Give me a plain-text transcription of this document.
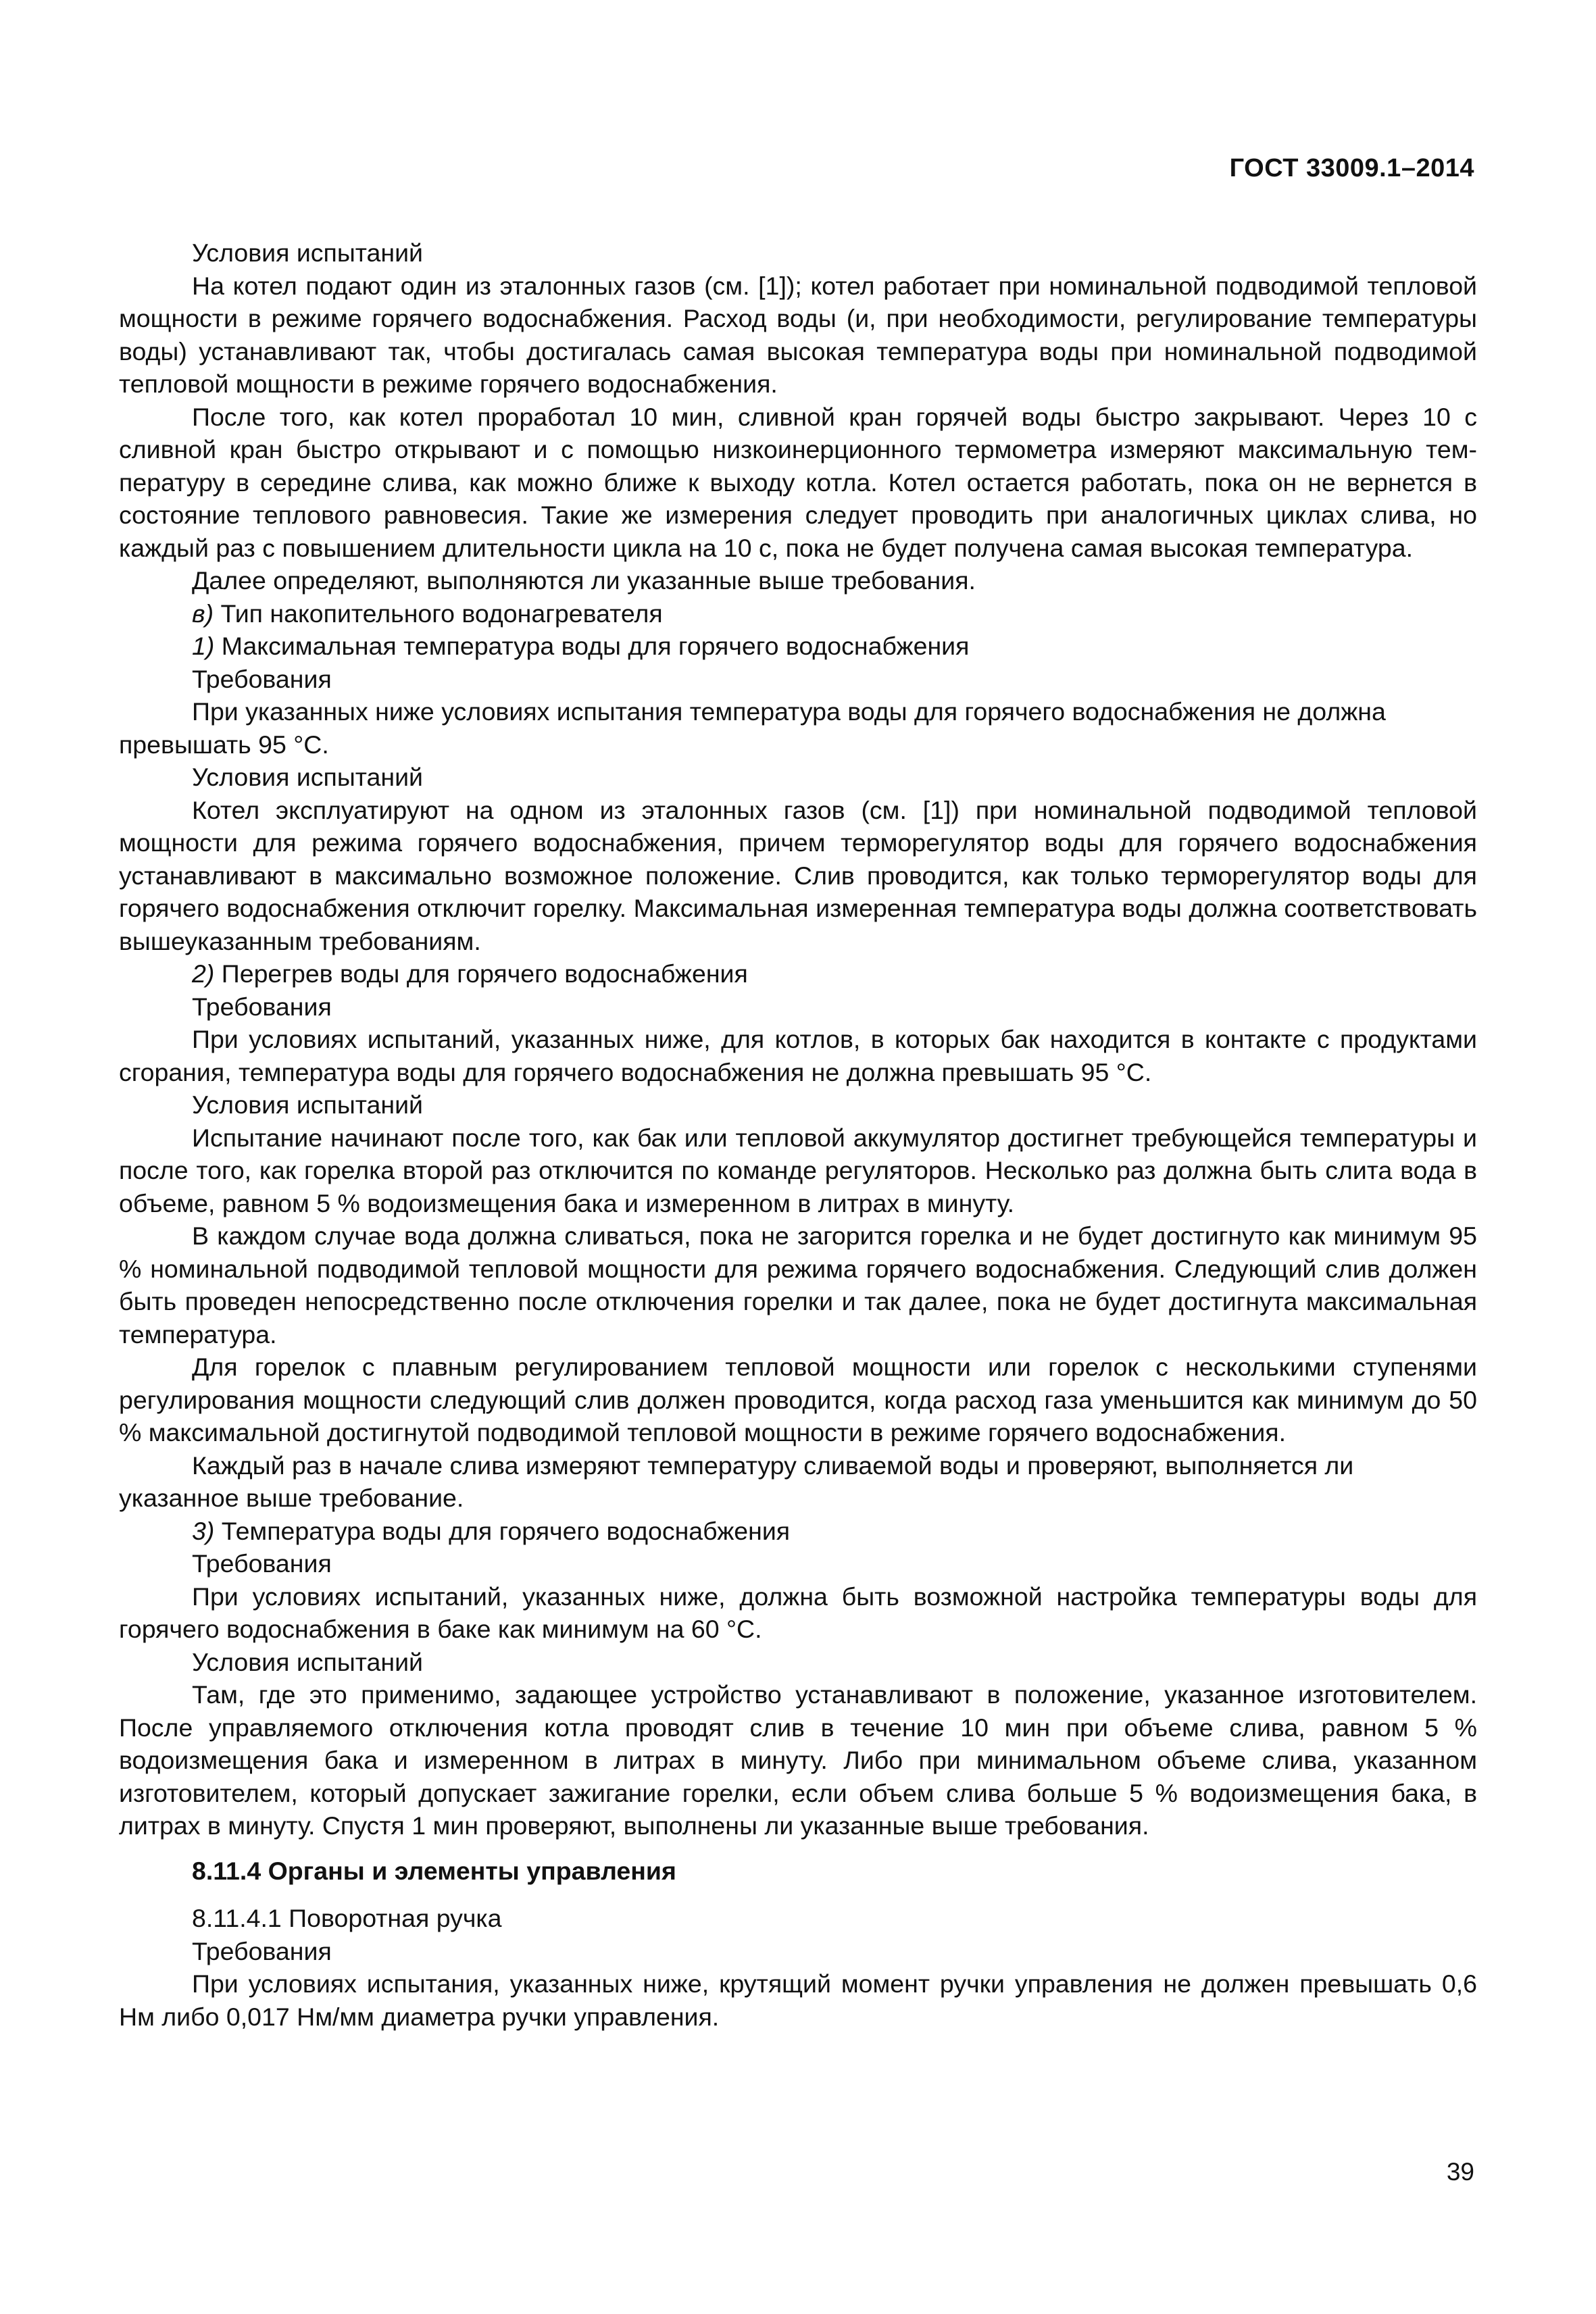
ГОСТ 33009.1–2014

Условия испытаний

На котел подают один из эталонных газов (см. [1]); котел работает при номинальной подводимой тепловой мощности в режиме горячего водоснабжения. Расход воды (и, при необходимости, регулирование температуры воды) устанавливают так, чтобы достигалась самая высокая температура воды при номинальной подводимой тепловой мощности в режиме горячего водоснабжения.

После того, как котел проработал 10 мин, сливной кран горячей воды быстро закрывают. Через 10 с сливной кран быстро открывают и с помощью низкоинерционного термометра измеряют максимальную температуру в середине слива, как можно ближе к выходу котла. Котел остается работать, пока он не вернется в состояние теплового равновесия. Такие же измерения следует проводить при аналогичных циклах слива, но каждый раз с повышением длительности цикла на 10 с, пока не будет получена самая высокая температура.

Далее определяют, выполняются ли указанные выше требования.

в) Тип накопительного водонагревателя

1) Максимальная температура воды для горячего водоснабжения

Требования

При указанных ниже условиях испытания температура воды для горячего водоснабжения не должна превышать 95 °С.

Условия испытаний

Котел эксплуатируют на одном из эталонных газов (см. [1]) при номинальной подводимой тепловой мощности для режима горячего водоснабжения, причем терморегулятор воды для горячего водоснабжения устанавливают в максимально возможное положение. Слив проводится, как только терморегулятор воды для горячего водоснабжения отключит горелку. Максимальная измеренная температура воды должна соответствовать вышеуказанным требованиям.

2) Перегрев воды для горячего водоснабжения

Требования

При условиях испытаний, указанных ниже, для котлов, в которых бак находится в контакте с продуктами сгорания, температура воды для горячего водоснабжения не должна превышать 95 °С.

Условия испытаний

Испытание начинают после того, как бак или тепловой аккумулятор достигнет требующейся температуры и после того, как горелка второй раз отключится по команде регуляторов. Несколько раз должна быть слита вода в объеме, равном 5 % водоизмещения бака и измеренном в литрах в минуту.

В каждом случае вода должна сливаться, пока не загорится горелка и не будет достигнуто как минимум 95 % номинальной подводимой тепловой мощности для режима горячего водоснабжения. Следующий слив должен быть проведен непосредственно после отключения горелки и так далее, пока не будет достигнута максимальная температура.

Для горелок с плавным регулированием тепловой мощности или горелок с несколькими ступенями регулирования мощности следующий слив должен проводится, когда расход газа уменьшится как минимум до 50 % максимальной достигнутой подводимой тепловой мощности в режиме горячего водоснабжения.

Каждый раз в начале слива измеряют температуру сливаемой воды и проверяют, выполняется ли указанное выше требование.

3) Температура воды для горячего водоснабжения

Требования

При условиях испытаний, указанных ниже, должна быть возможной настройка температуры воды для горячего водоснабжения в баке как минимум на 60 °С.

Условия испытаний

Там, где это применимо, задающее устройство устанавливают в положение, указанное изготовителем. После управляемого отключения котла проводят слив в течение 10 мин при объеме слива, равном 5 % водоизмещения бака и измеренном в литрах в минуту. Либо при минимальном объеме слива, указанном изготовителем, который допускает зажигание горелки, если объем слива больше 5 % водоизмещения бака, в литрах в минуту. Спустя 1 мин проверяют, выполнены ли указанные выше требования.

8.11.4 Органы и элементы управления

8.11.4.1 Поворотная ручка

Требования

При условиях испытания, указанных ниже, крутящий момент ручки управления не должен превышать 0,6 Нм либо 0,017 Нм/мм диаметра ручки управления.

39
